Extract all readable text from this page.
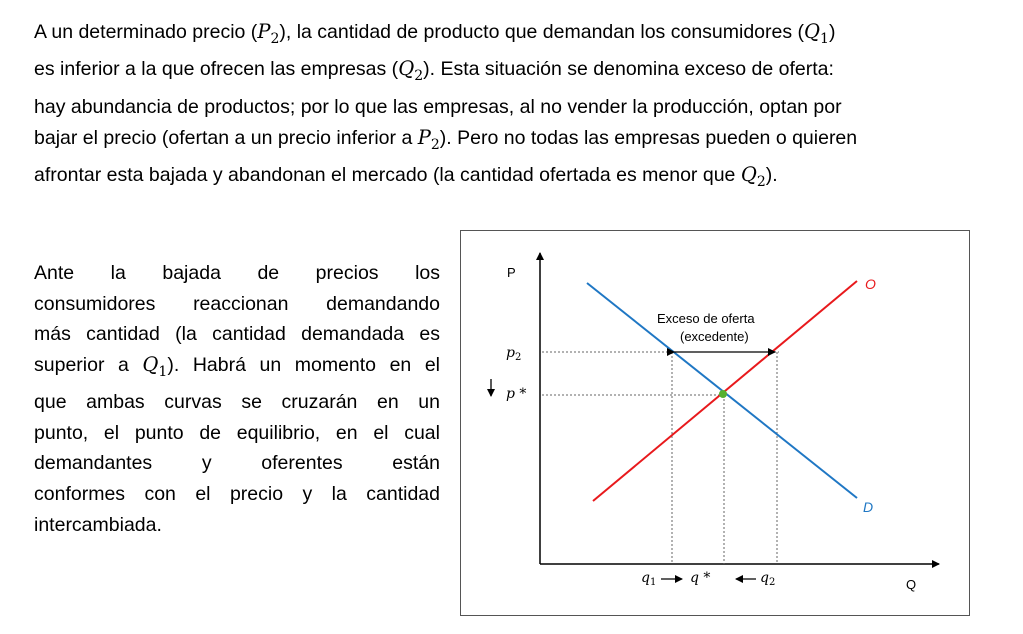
A un determinado precio $(P_2)$, la cantidad de producto que demandan los consumidores $(Q_1)$
es inferior a la que ofrecen las empresas $(Q_2)$. Esta situación se denomina exceso de oferta:
hay abundancia de productos; por lo que las empresas, al no vender la producción, optan por
bajar el precio (ofertan a un precio inferior a $P_2$). Pero no todas las empresas pueden o quieren
afrontar esta bajada y abandonan el mercado (la cantidad ofertada es menor que $Q_2$).
Ante la bajada de precios los
consumidores reaccionan demandando
más cantidad (la cantidad demandada es
superior a $Q_1$). Habrá un momento en el
que ambas curvas se cruzarán en un
punto, el punto de equilibrio, en el cual
demandantes y oferentes están
conformes con el precio y la cantidad
intercambiada.
P
Q
O
D
Exceso de oferta
(excedente)
$p_2$
p *
$q_1$ q *	$q_2$
